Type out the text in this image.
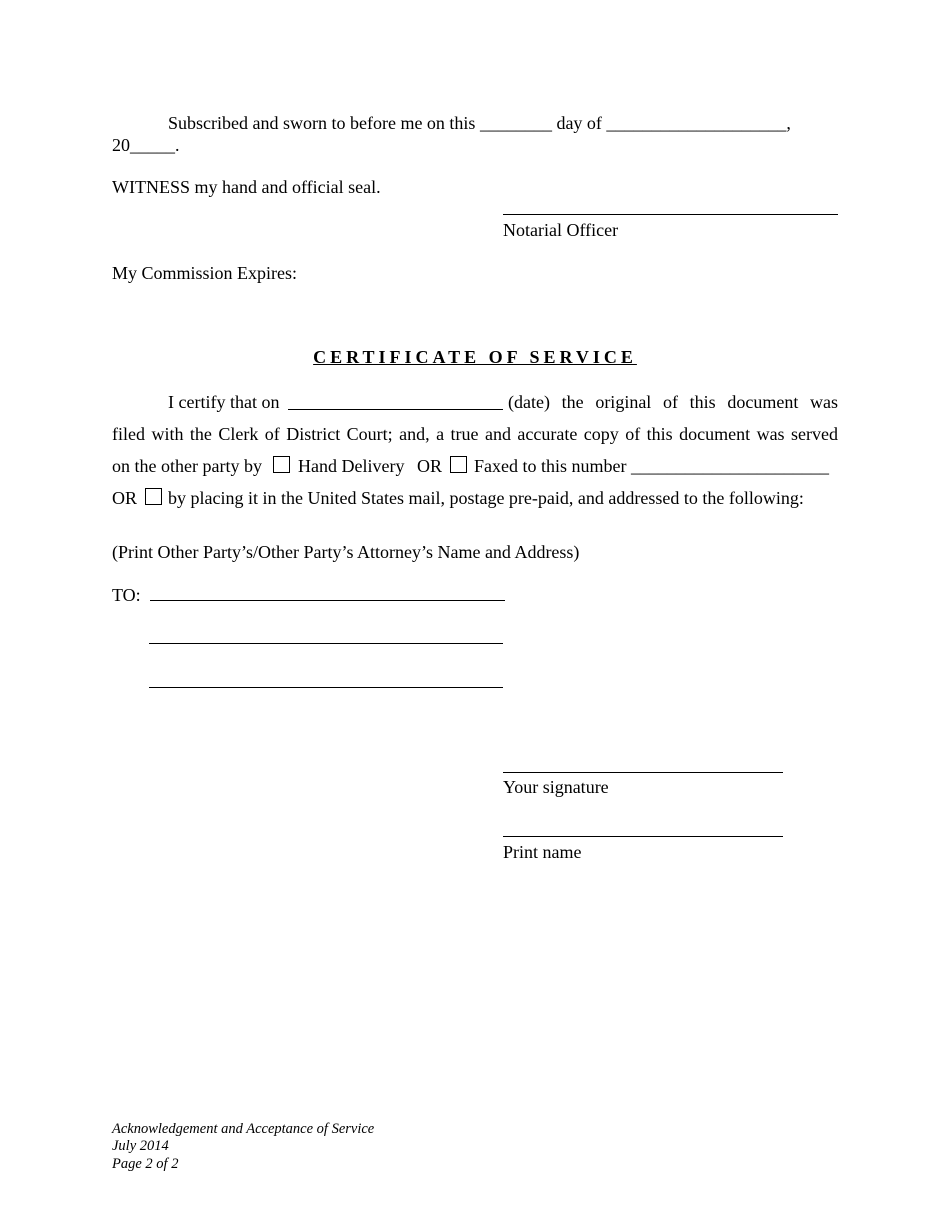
Subscribed and sworn to before me on this ________ day of ____________________,
20_____.
WITNESS my hand and official seal.
Notarial Officer
My Commission Expires:
CERTIFICATE OF SERVICE
I certify that on	(date) the original of this document was
filed with the Clerk of District Court; and, a true and accurate copy of this document was served
on the other party by Hand Delivery OR Faxed to this number ______________________
OR by placing it in the United States mail, postage pre-paid, and addressed to the following:
(Print Other Party’s/Other Party’s Attorney’s Name and Address)
TO:
Your signature
Print name
Acknowledgement and Acceptance of Service
July 2014
Page 2 of 2
